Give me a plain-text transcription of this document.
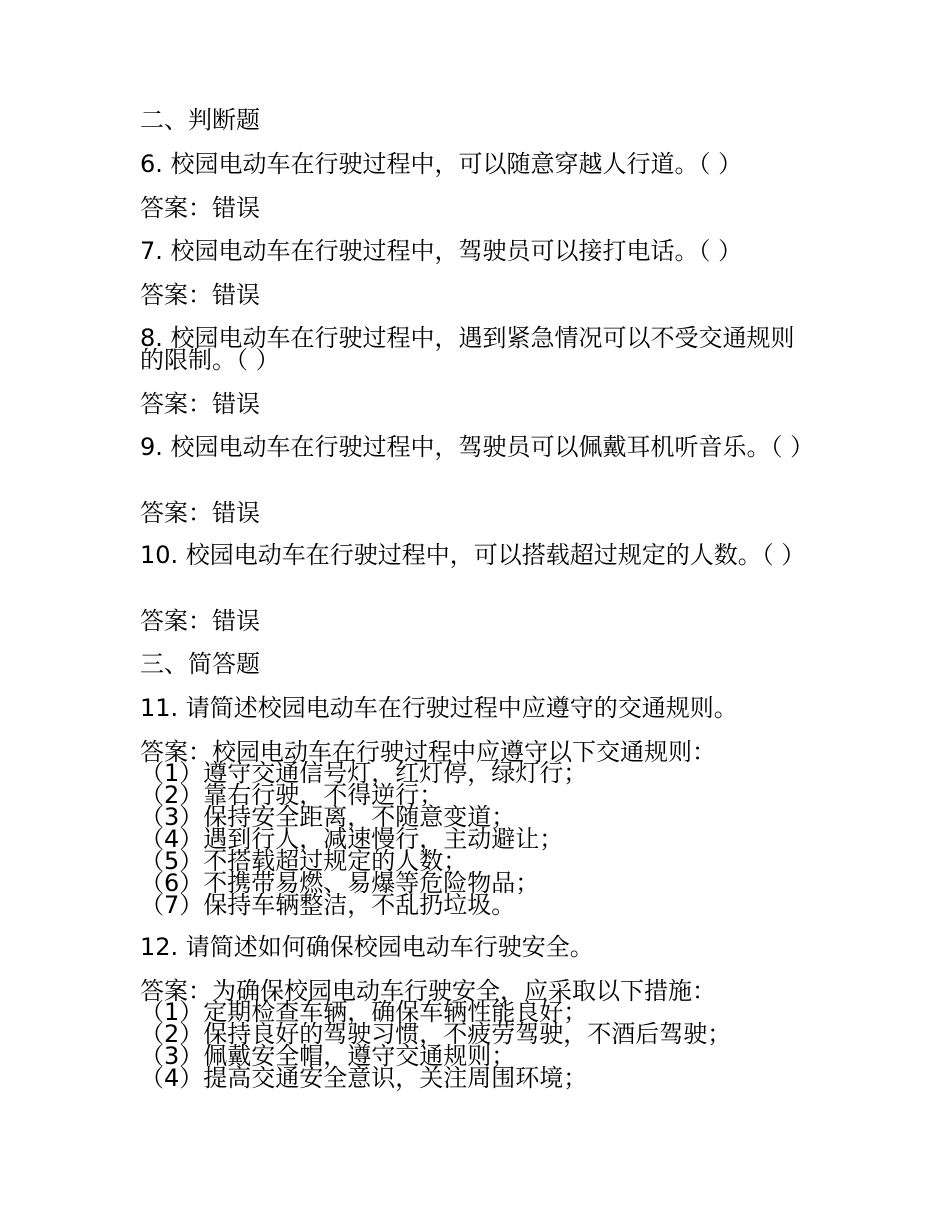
二、判断题
6. 校园电动车在行驶过程中，可以随意穿越人行道。（ ）
答案：错误
7. 校园电动车在行驶过程中，驾驶员可以接打电话。（ ）
答案：错误
8. 校园电动车在行驶过程中，遇到紧急情况可以不受交通规则的限制。（ ）
答案：错误
9. 校园电动车在行驶过程中，驾驶员可以佩戴耳机听音乐。（ ）
答案：错误
10. 校园电动车在行驶过程中，可以搭载超过规定的人数。（ ）
答案：错误
三、简答题
11. 请简述校园电动车在行驶过程中应遵守的交通规则。
答案：校园电动车在行驶过程中应遵守以下交通规则：
（1）遵守交通信号灯，红灯停，绿灯行；
（2）靠右行驶，不得逆行；
（3）保持安全距离，不随意变道；
（4）遇到行人，减速慢行，主动避让；
（5）不搭载超过规定的人数；
（6）不携带易燃、易爆等危险物品；
（7）保持车辆整洁，不乱扔垃圾。
12. 请简述如何确保校园电动车行驶安全。
答案：为确保校园电动车行驶安全，应采取以下措施：
（1）定期检查车辆，确保车辆性能良好；
（2）保持良好的驾驶习惯，不疲劳驾驶，不酒后驾驶；
（3）佩戴安全帽，遵守交通规则；
（4）提高交通安全意识，关注周围环境；
